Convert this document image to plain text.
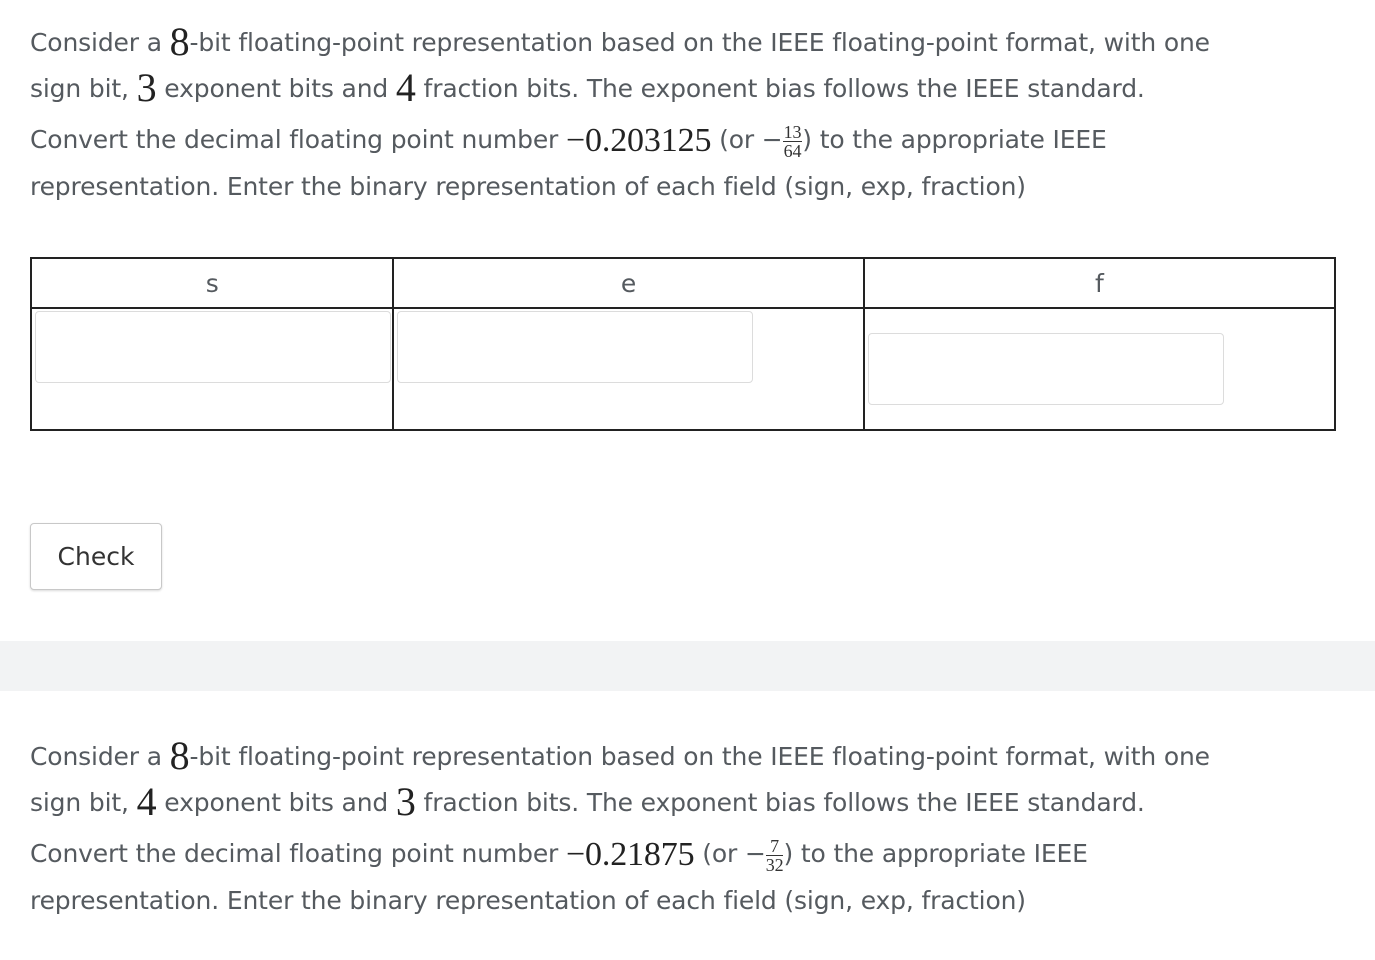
Consider a 8-bit floating-point representation based on the IEEE floating-point format, with one
sign bit, 3 exponent bits and 4 fraction bits. The exponent bias follows the IEEE standard.
Convert the decimal floating point number −0.203125 ($or - \frac{13}{64}$ ) to the appropriate IEEE
representation. Enter the binary representation of each field (sign, exp, fraction)
s	e	f

Check
Consider a 8-bit floating-point representation based on the IEEE floating-point format, with one
sign bit, 4 exponent bits and 3 fraction bits. The exponent bias follows the IEEE standard.
Convert the decimal floating point number −0.21875 ($or - \frac{7}{32}$ ) to the appropriate IEEE
representation. Enter the binary representation of each field (sign, exp, fraction)
